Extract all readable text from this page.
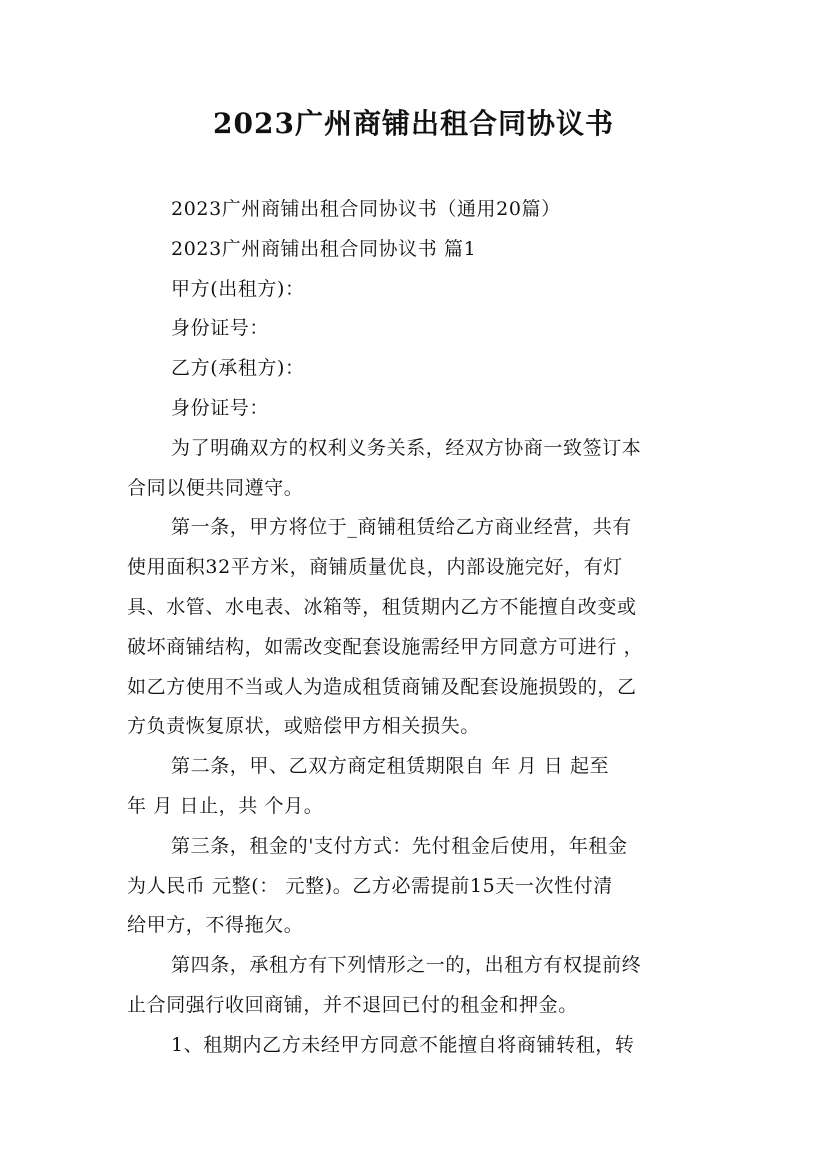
2023广州商铺出租合同协议书
2023广州商铺出租合同协议书（通用20篇）
2023广州商铺出租合同协议书 篇1
甲方(出租方)：
身份证号：
乙方(承租方)：
身份证号：
为了明确双方的权利义务关系，经双方协商一致签订本
合同以便共同遵守。
第一条，甲方将位于_商铺租赁给乙方商业经营，共有
使用面积32平方米，商铺质量优良，内部设施完好，有灯
具、水管、水电表、冰箱等，租赁期内乙方不能擅自改变或
破坏商铺结构，如需改变配套设施需经甲方同意方可进行 ，
如乙方使用不当或人为造成租赁商铺及配套设施损毁的，乙
方负责恢复原状，或赔偿甲方相关损失。
第二条，甲、乙双方商定租赁期限自 年 月 日 起至
年 月 日止，共 个月。
第三条，租金的'支付方式：先付租金后使用，年租金
为人民币 元整(： 元整)。乙方必需提前15天一次性付清
给甲方，不得拖欠。
第四条，承租方有下列情形之一的，出租方有权提前终
止合同强行收回商铺，并不退回已付的租金和押金。
1、租期内乙方未经甲方同意不能擅自将商铺转租，转
